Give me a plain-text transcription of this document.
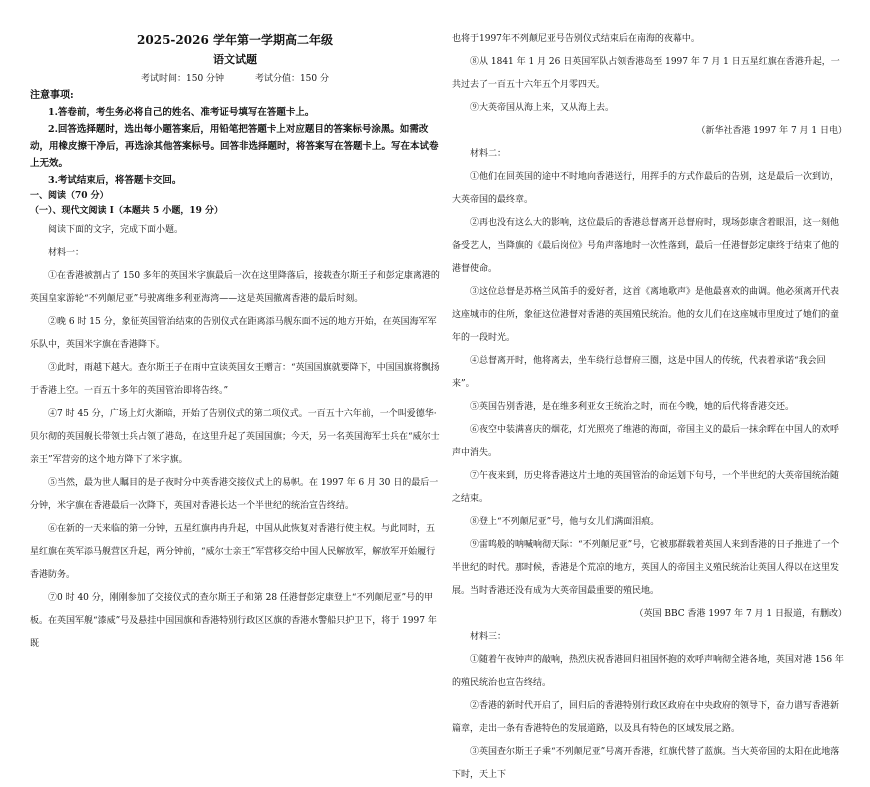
2025-2026 学年第一学期高二年级
语文试题
考试时间：150 分钟	考试分值：150 分
注意事项:

1.答卷前，考生务必将自己的姓名、准考证号填写在答题卡上。

2.回答选择题时，选出每小题答案后，用铅笔把答题卡上对应题目的答案标号涂黑。如需改动，用橡皮擦干净后，再选涂其他答案标号。回答非选择题时，将答案写在答题卡上。写在本试卷上无效。

3.考试结束后，将答题卡交回。

一、阅读（70 分）

（一）、现代文阅读 I（本题共 5 小题，19 分）

阅读下面的文字，完成下面小题。

材料一：

①在香港被割占了 150 多年的英国米字旗最后一次在这里降落后，接载查尔斯王子和彭定康离港的英国皇家游轮“不列颠尼亚”号驶离维多利亚海湾——这是英国撤离香港的最后时刻。

②晚 6 时 15 分，象征英国管治结束的告别仪式在距离添马舰东面不远的地方开始，在英国海军军乐队中，英国米字旗在香港降下。

③此时，雨越下越大。查尔斯王子在雨中宣读英国女王赠言：“英国国旗就要降下，中国国旗将飘扬于香港上空。一百五十多年的英国管治即将告终。”

④7 时 45 分，广场上灯火渐暗，开始了告别仪式的第二项仪式。一百五十六年前，一个叫爱德华·贝尔彻的英国舰长带领士兵占领了港岛，在这里升起了英国国旗；今天，另一名英国海军士兵在“威尔士亲王”军营旁的这个地方降下了米字旗。

⑤当然，最为世人瞩目的是子夜时分中英香港交接仪式上的易帜。在 1997 年 6 月 30 日的最后一分钟，米字旗在香港最后一次降下，英国对香港长达一个半世纪的统治宣告终结。

⑥在新的一天来临的第一分钟，五星红旗冉冉升起，中国从此恢复对香港行使主权。与此同时，五星红旗在英军添马舰营区升起，两分钟前，“威尔士亲王”军营移交给中国人民解放军，解放军开始履行香港防务。

⑦0 时 40 分，刚刚参加了交接仪式的查尔斯王子和第 28 任港督彭定康登上“不列颠尼亚”号的甲板。在英国军舰“漆威”号及悬挂中国国旗和香港特别行政区区旗的香港水警船只护卫下，将于 1997 年既

也将于1997年不列颠尼亚号告别仪式结束后在南海的夜幕中。

⑧从 1841 年 1 月 26 日英国军队占领香港岛至 1997 年 7 月 1 日五星红旗在香港升起，一共过去了一百五十六年五个月零四天。

⑨大英帝国从海上来，又从海上去。

（新华社香港 1997 年 7 月 1 日电）

材料二：

①他们在回英国的途中不时地向香港送行，用挥手的方式作最后的告别，这是最后一次到访，大英帝国的最终章。

②再也没有这么大的影响，这位最后的香港总督离开总督府时，现场彭康含着眼泪，这一刻他备受艺人，当降旗的《最后岗位》号角声落地时一次性落到，最后一任港督彭定康终于结束了他的港督使命。

③这位总督是苏格兰风笛手的爱好者，这首《离地歌声》是他最喜欢的曲调。他必须离开代表这座城市的住所，象征这位港督对香港的英国殖民统治。他的女儿们在这座城市里度过了她们的童年的一段时光。

④总督离开时，他将离去，坐车绕行总督府三圈，这是中国人的传统，代表着承诺“我会回来”。

⑤英国告别香港，是在维多利亚女王统治之时，而在今晚，她的后代将香港交还。

⑥夜空中装满喜庆的烟花，灯光照亮了维港的海面，帝国主义的最后一抹余晖在中国人的欢呼声中消失。

⑦午夜来到，历史将香港这片土地的英国管治的命运划下句号，一个半世纪的大英帝国统治随之结束。

⑧登上“不列颠尼亚”号，他与女儿们满面泪痕。

⑨雷鸣般的呐喊响彻天际：“不列颠尼亚”号，它被那群载着英国人来到香港的日子推进了一个半世纪的时代。那时候，香港是个荒凉的地方，英国人的帝国主义殖民统治让英国人得以在这里发展。当时香港还没有成为大英帝国最重要的殖民地。

（英国 BBC 香港 1997 年 7 月 1 日报道，有删改）

材料三：

①随着午夜钟声的敲响，热烈庆祝香港回归祖国怀抱的欢呼声响彻全港各地，英国对港 156 年的殖民统治也宣告终结。

②香港的新时代开启了，回归后的香港特别行政区政府在中央政府的领导下，奋力谱写香港新篇章，走出一条有香港特色的发展道路，以及具有特色的区域发展之路。

③英国查尔斯王子乘“不列颠尼亚”号离开香港，红旗代替了蓝旗。当大英帝国的太阳在此地落下时，天上下
